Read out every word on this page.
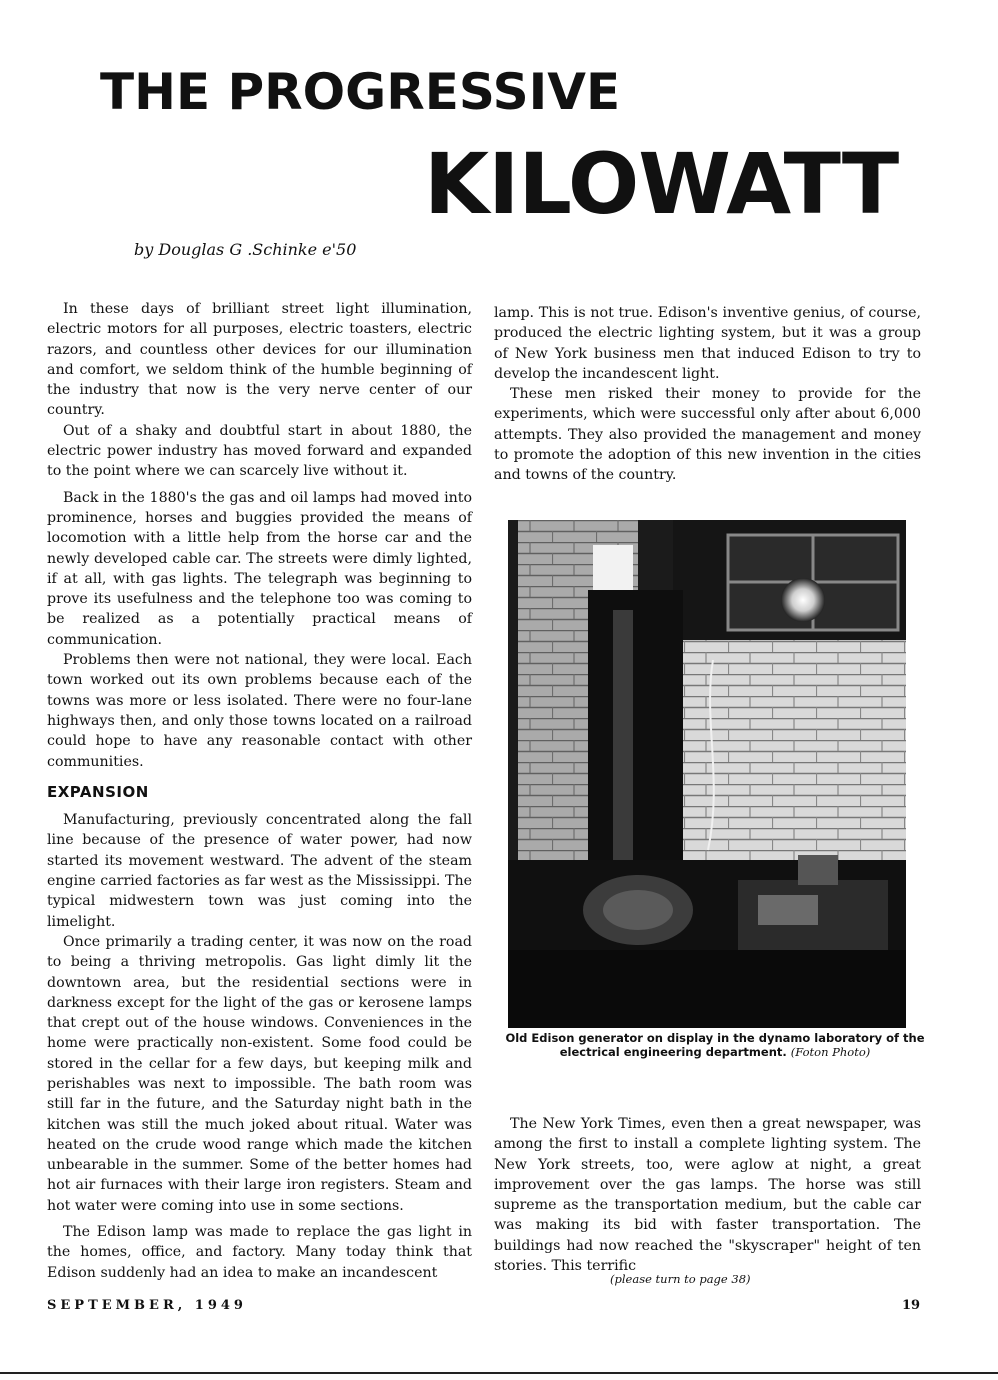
THE PROGRESSIVE
KILOWATT
by Douglas G .Schinke e'50

In these days of brilliant street light illumination, electric motors for all purposes, electric toasters, electric razors, and countless other devices for our illumination and comfort, we seldom think of the humble beginning of the industry that now is the very nerve center of our country.

Out of a shaky and doubtful start in about 1880, the electric power industry has moved forward and expanded to the point where we can scarcely live without it.

Back in the 1880's the gas and oil lamps had moved into prominence, horses and buggies provided the means of locomotion with a little help from the horse car and the newly developed cable car. The streets were dimly lighted, if at all, with gas lights. The telegraph was beginning to prove its usefulness and the telephone too was coming to be realized as a potentially practical means of communication.

Problems then were not national, they were local. Each town worked out its own problems because each of the towns was more or less isolated. There were no four-lane highways then, and only those towns located on a railroad could hope to have any reasonable contact with other communities.

EXPANSION

Manufacturing, previously concentrated along the fall line because of the presence of water power, had now started its movement westward. The advent of the steam engine carried factories as far west as the Mississippi. The typical midwestern town was just coming into the limelight.

Once primarily a trading center, it was now on the road to being a thriving metropolis. Gas light dimly lit the downtown area, but the residential sections were in darkness except for the light of the gas or kerosene lamps that crept out of the house windows. Conveniences in the home were practically non-existent. Some food could be stored in the cellar for a few days, but keeping milk and perishables was next to impossible. The bath room was still far in the future, and the Saturday night bath in the kitchen was still the much joked about ritual. Water was heated on the crude wood range which made the kitchen unbearable in the summer. Some of the better homes had hot air furnaces with their large iron registers. Steam and hot water were coming into use in some sections.

The Edison lamp was made to replace the gas light in the homes, office, and factory. Many today think that Edison suddenly had an idea to make an incandescent

lamp. This is not true. Edison's inventive genius, of course, produced the electric lighting system, but it was a group of New York business men that induced Edison to try to develop the incandescent light.

These men risked their money to provide for the experiments, which were successful only after about 6,000 attempts. They also provided the management and money to promote the adoption of this new invention in the cities and towns of the country.

Old Edison generator on display in the dynamo laboratory of the electrical engineering department. (Foton Photo)

The New York Times, even then a great newspaper, was among the first to install a complete lighting system. The New York streets, too, were aglow at night, a great improvement over the gas lamps. The horse was still supreme as the transportation medium, but the cable car was making its bid with faster transportation. The buildings had now reached the "skyscraper" height of ten stories. This terrific

(please turn to page 38)
SEPTEMBER, 1949	19
